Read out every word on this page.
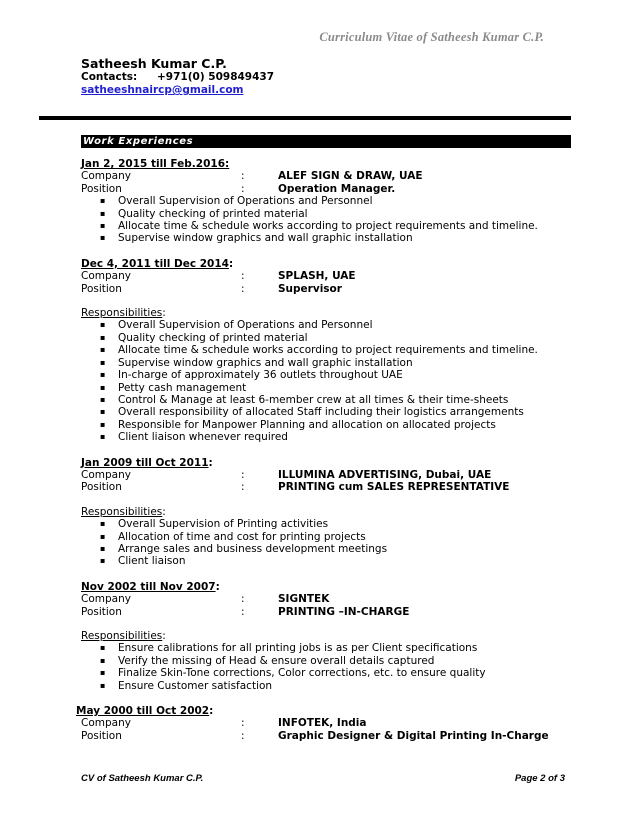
Curriculum Vitae of Satheesh Kumar C.P.
Satheesh Kumar C.P.
Contacts: +971(0) 509849437
satheeshnaircp@gmail.com
Work Experiences
Jan 2, 2015 till Feb.2016:
Company	:	ALEF SIGN & DRAW, UAE
Position	:	Operation Manager.
▪ Overall Supervision of Operations and Personnel
▪ Quality checking of printed material
▪ Allocate time & schedule works according to project requirements and timeline.
▪ Supervise window graphics and wall graphic installation
Dec 4, 2011 till Dec 2014:
Company	:	SPLASH, UAE
Position	:	Supervisor
Responsibilities:
▪ Overall Supervision of Operations and Personnel
▪ Quality checking of printed material
▪ Allocate time & schedule works according to project requirements and timeline.
▪ Supervise window graphics and wall graphic installation
▪ In-charge of approximately 36 outlets throughout UAE
▪ Petty cash management
▪ Control & Manage at least 6-member crew at all times & their time-sheets
▪ Overall responsibility of allocated Staff including their logistics arrangements
▪ Responsible for Manpower Planning and allocation on allocated projects
▪ Client liaison whenever required
Jan 2009 till Oct 2011:
Company	:	ILLUMINA ADVERTISING, Dubai, UAE
Position	:	PRINTING cum SALES REPRESENTATIVE
Responsibilities:
▪ Overall Supervision of Printing activities
▪ Allocation of time and cost for printing projects
▪ Arrange sales and business development meetings
▪ Client liaison
Nov 2002 till Nov 2007:
Company	:	SIGNTEK
Position	:	PRINTING –IN-CHARGE
Responsibilities:
▪ Ensure calibrations for all printing jobs is as per Client specifications
▪ Verify the missing of Head & ensure overall details captured
▪ Finalize Skin-Tone corrections, Color corrections, etc. to ensure quality
▪ Ensure Customer satisfaction
May 2000 till Oct 2002:
Company	:	INFOTEK, India
Position	:	Graphic Designer & Digital Printing In-Charge
CV of Satheesh Kumar C.P.	Page 2 of 3
